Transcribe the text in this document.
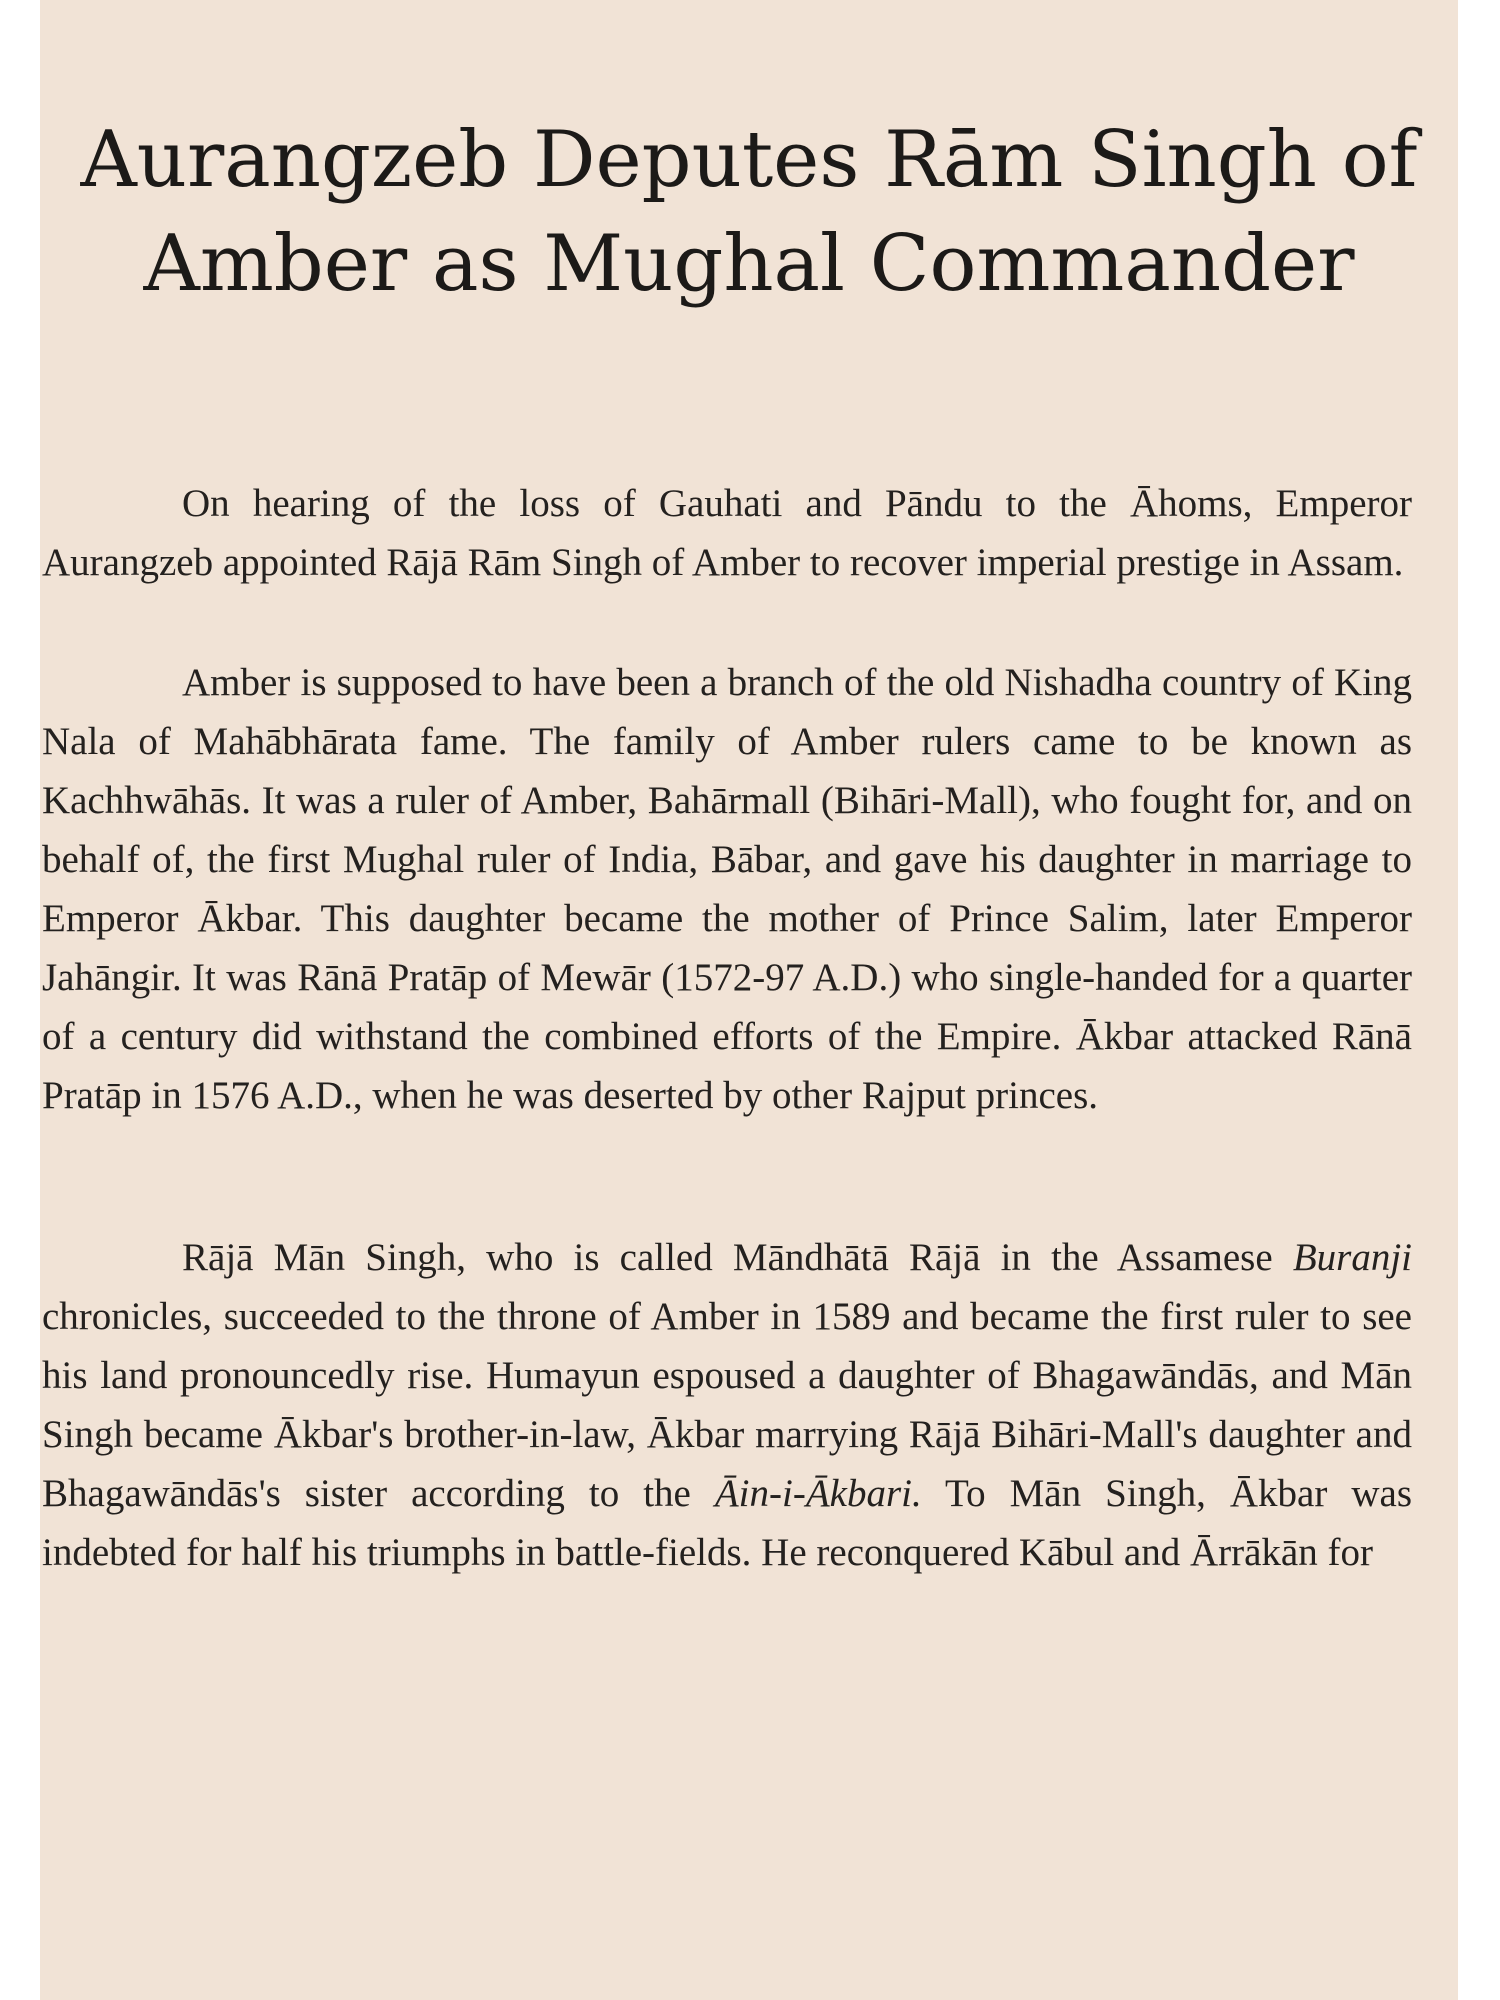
Aurangzeb Deputes Rām Singh of
Amber as Mughal Commander

On hearing of the loss of Gauhati and Pāndu to the Āhoms, Emperor Aurangzeb appointed Rājā Rām Singh of Amber to recover imperial prestige in Assam.

Amber is supposed to have been a branch of the old Nishadha country of King Nala of Mahābhārata fame. The family of Amber rulers came to be known as Kachhwāhās. It was a ruler of Amber, Bahārmall (Bihāri-Mall), who fought for, and on behalf of, the first Mughal ruler of India, Bābar, and gave his daughter in marriage to Emperor Ākbar. This daughter became the mother of Prince Salim, later Emperor Jahāngir. It was Rānā Pratāp of Mewār (1572-97 A.D.) who single-handed for a quarter of a century did withstand the combined efforts of the Empire. Ākbar attacked Rānā Pratāp in 1576 A.D., when he was deserted by other Rajput princes.

Rājā Mān Singh, who is called Māndhātā Rājā in the Assamese Buranji chronicles, succeeded to the throne of Amber in 1589 and became the first ruler to see his land pronouncedly rise. Humayun espoused a daughter of Bhagawāndās, and Mān Singh became Ākbar's brother-in-law, Ākbar marrying Rājā Bihāri-Mall's daughter and Bhagawāndās's sister according to the Āin-i-Ākbari. To Mān Singh, Ākbar was indebted for half his triumphs in battle-fields. He reconquered Kābul and Ārrākān for
